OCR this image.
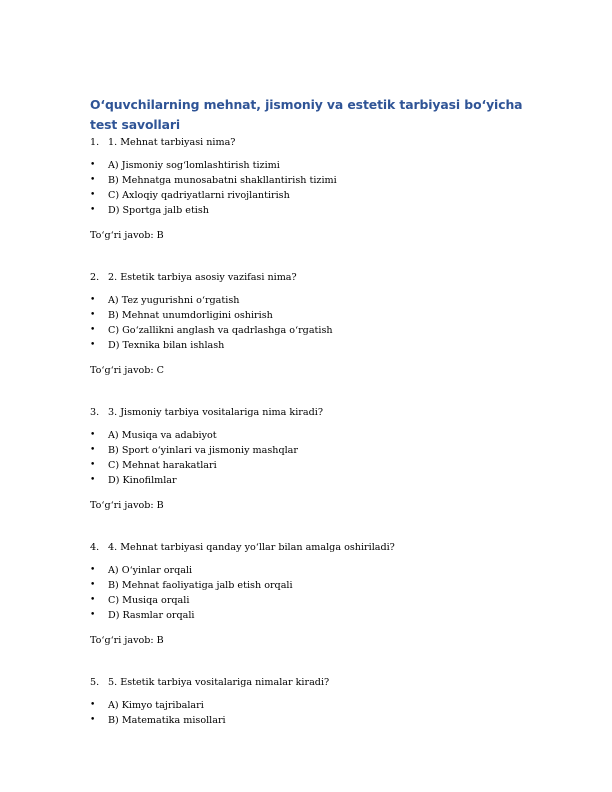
O‘quvchilarning mehnat, jismoniy va estetik tarbiyasi bo‘yicha test savollari

1. 1. Mehnat tarbiyasi nima?

•	A) Jismoniy sog‘lomlashtirish tizimi
•	B) Mehnatga munosabatni shakllantirish tizimi
•	C) Axloqiy qadriyatlarni rivojlantirish
•	D) Sportga jalb etish

To‘g‘ri javob: B

2. 2. Estetik tarbiya asosiy vazifasi nima?

•	A) Tez yugurishni o‘rgatish
•	B) Mehnat unumdorligini oshirish
•	C) Go‘zallikni anglash va qadrlashga o‘rgatish
•	D) Texnika bilan ishlash

To‘g‘ri javob: C

3. 3. Jismoniy tarbiya vositalariga nima kiradi?

•	A) Musiqa va adabiyot
•	B) Sport o‘yinlari va jismoniy mashqlar
•	C) Mehnat harakatlari
•	D) Kinofilmlar

To‘g‘ri javob: B

4. 4. Mehnat tarbiyasi qanday yo‘llar bilan amalga oshiriladi?

•	A) O‘yinlar orqali
•	B) Mehnat faoliyatiga jalb etish orqali
•	C) Musiqa orqali
•	D) Rasmlar orqali

To‘g‘ri javob: B

5. 5. Estetik tarbiya vositalariga nimalar kiradi?

•	A) Kimyo tajribalari
•	B) Matematika misollari
